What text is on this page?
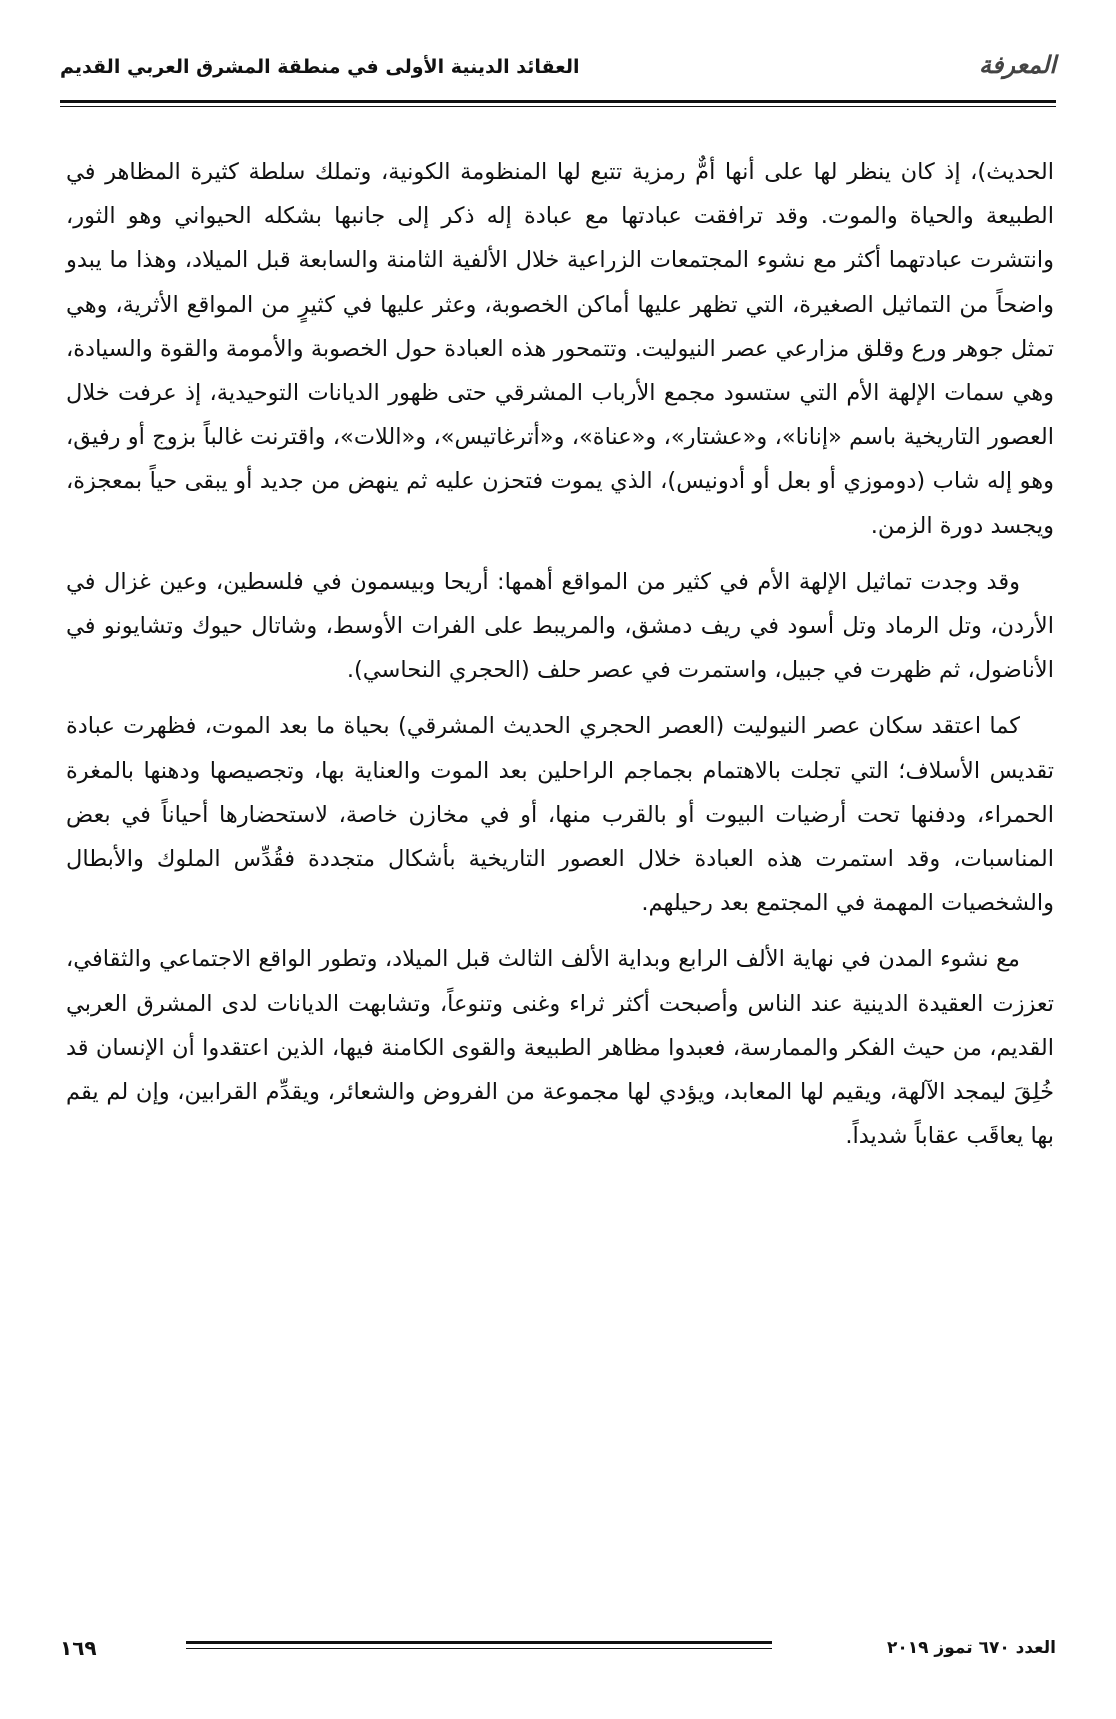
المعرفة
العقائد الدينية الأولى في منطقة المشرق العربي القديم

الحديث)، إذ كان ينظر لها على أنها أمٌّ رمزية تتبع لها المنظومة الكونية، وتملك سلطة كثيرة المظاهر في الطبيعة والحياة والموت. وقد ترافقت عبادتها مع عبادة إله ذكر إلى جانبها بشكله الحيواني وهو الثور، وانتشرت عبادتهما أكثر مع نشوء المجتمعات الزراعية خلال الألفية الثامنة والسابعة قبل الميلاد، وهذا ما يبدو واضحاً من التماثيل الصغيرة، التي تظهر عليها أماكن الخصوبة، وعثر عليها في كثيرٍ من المواقع الأثرية، وهي تمثل جوهر ورع وقلق مزارعي عصر النيوليت. وتتمحور هذه العبادة حول الخصوبة والأمومة والقوة والسيادة، وهي سمات الإلهة الأم التي ستسود مجمع الأرباب المشرقي حتى ظهور الديانات التوحيدية، إذ عرفت خلال العصور التاريخية باسم «إنانا»، و«عشتار»، و«عناة»، و«أترغاتيس»، و«اللات»، واقترنت غالباً بزوج أو رفيق، وهو إله شاب (دوموزي أو بعل أو أدونيس)، الذي يموت فتحزن عليه ثم ينهض من جديد أو يبقى حياً بمعجزة، ويجسد دورة الزمن.

وقد وجدت تماثيل الإلهة الأم في كثير من المواقع أهمها: أريحا وبيسمون في فلسطين، وعين غزال في الأردن، وتل الرماد وتل أسود في ريف دمشق، والمريبط على الفرات الأوسط، وشاتال حيوك وتشايونو في الأناضول، ثم ظهرت في جبيل، واستمرت في عصر حلف (الحجري النحاسي).

كما اعتقد سكان عصر النيوليت (العصر الحجري الحديث المشرقي) بحياة ما بعد الموت، فظهرت عبادة تقديس الأسلاف؛ التي تجلت بالاهتمام بجماجم الراحلين بعد الموت والعناية بها، وتجصيصها ودهنها بالمغرة الحمراء، ودفنها تحت أرضيات البيوت أو بالقرب منها، أو في مخازن خاصة، لاستحضارها أحياناً في بعض المناسبات، وقد استمرت هذه العبادة خلال العصور التاريخية بأشكال متجددة فقُدِّس الملوك والأبطال والشخصيات المهمة في المجتمع بعد رحيلهم.

مع نشوء المدن في نهاية الألف الرابع وبداية الألف الثالث قبل الميلاد، وتطور الواقع الاجتماعي والثقافي، تعززت العقيدة الدينية عند الناس وأصبحت أكثر ثراء وغنى وتنوعاً، وتشابهت الديانات لدى المشرق العربي القديم، من حيث الفكر والممارسة، فعبدوا مظاهر الطبيعة والقوى الكامنة فيها، الذين اعتقدوا أن الإنسان قد خُلِقَ ليمجد الآلهة، ويقيم لها المعابد، ويؤدي لها مجموعة من الفروض والشعائر، ويقدِّم القرابين، وإن لم يقم بها يعاقَب عقاباً شديداً.

١٦٩	العدد ٦٧٠ تموز ٢٠١٩
